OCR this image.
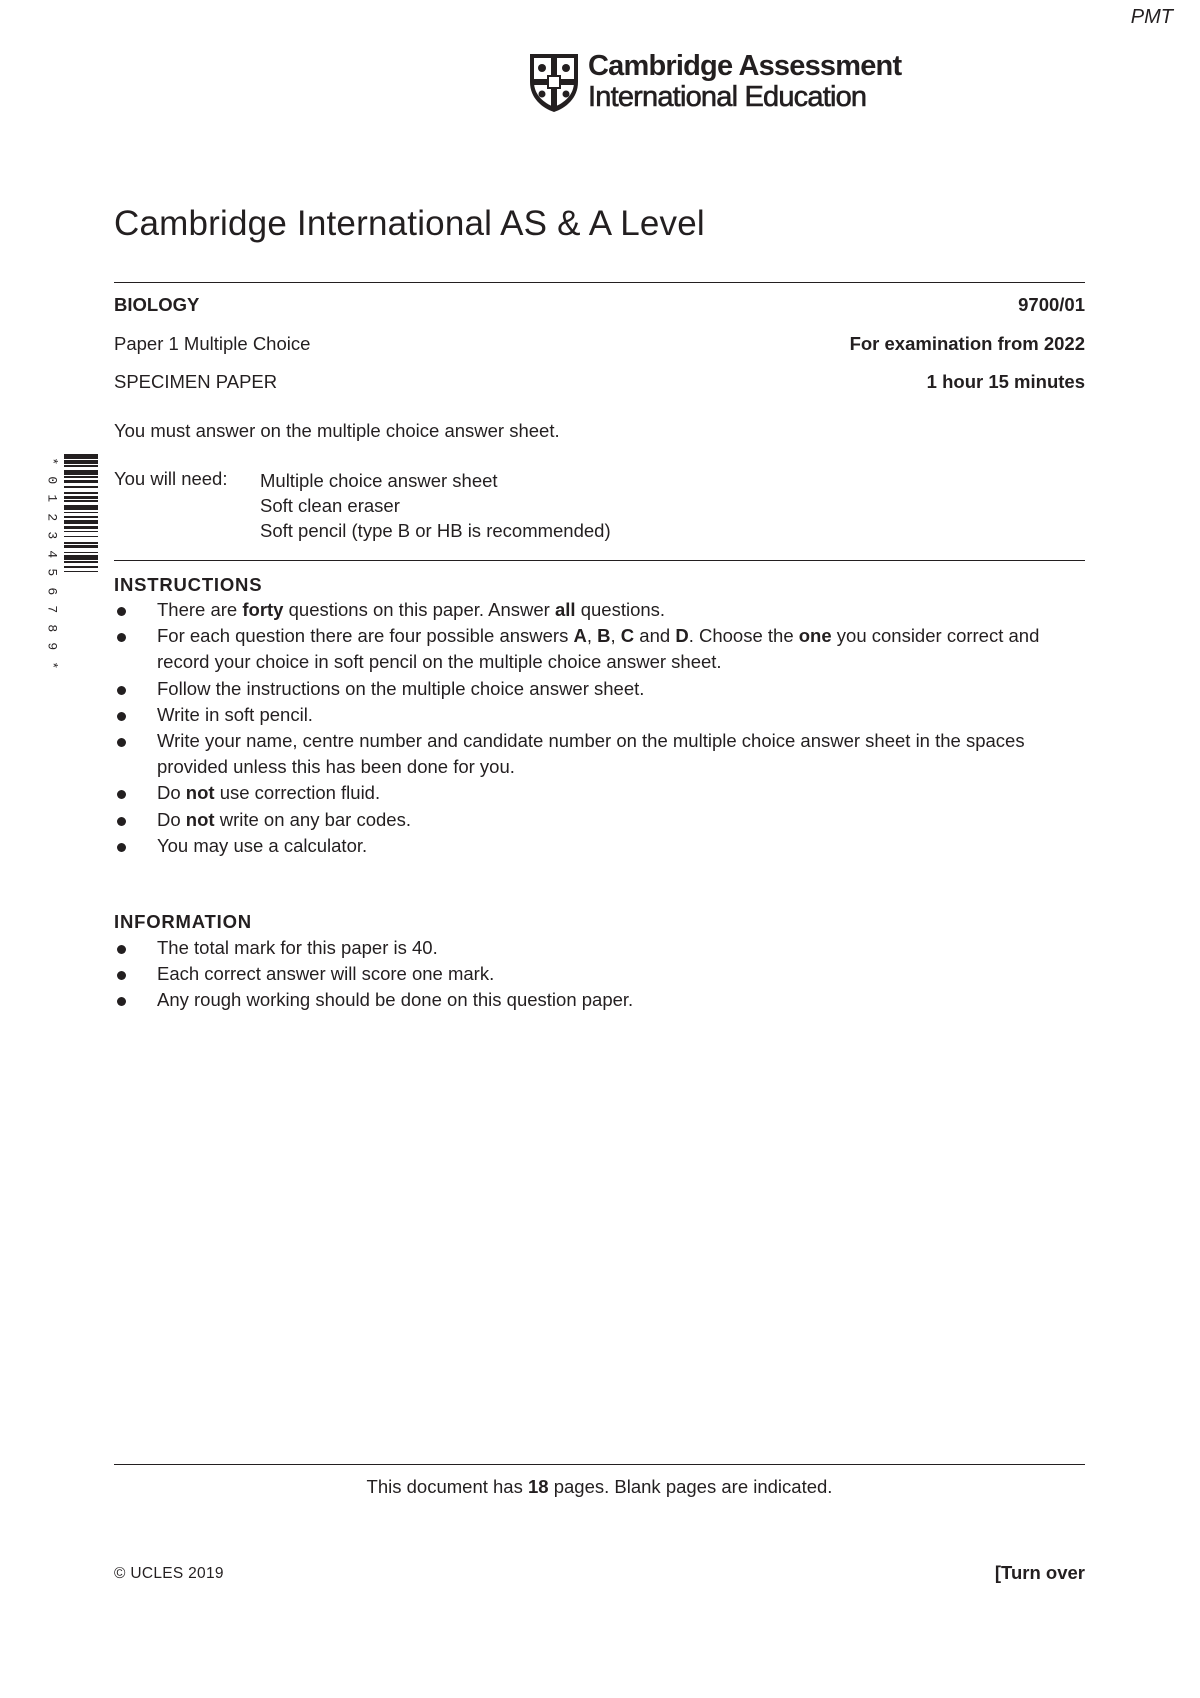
PMT
Cambridge Assessment
International Education
Cambridge International AS & A Level
BIOLOGY	9700/01
Paper 1 Multiple Choice	For examination from 2022
SPECIMEN PAPER	1 hour 15 minutes
You must answer on the multiple choice answer sheet.
You will need: Multiple choice answer sheet
Soft clean eraser
Soft pencil (type B or HB is recommended)
*
0
1
2
3
4
5
6
7
8
9
*
INSTRUCTIONS
There are forty questions on this paper. Answer all questions.
For each question there are four possible answers A, B, C and D. Choose the one you consider correct and record your choice in soft pencil on the multiple choice answer sheet.
Follow the instructions on the multiple choice answer sheet.
Write in soft pencil.
Write your name, centre number and candidate number on the multiple choice answer sheet in the spaces provided unless this has been done for you.
Do not use correction fluid.
Do not write on any bar codes.
You may use a calculator.
INFORMATION
The total mark for this paper is 40.
Each correct answer will score one mark.
Any rough working should be done on this question paper.
This document has 18 pages. Blank pages are indicated.
© UCLES 2019	[Turn over
